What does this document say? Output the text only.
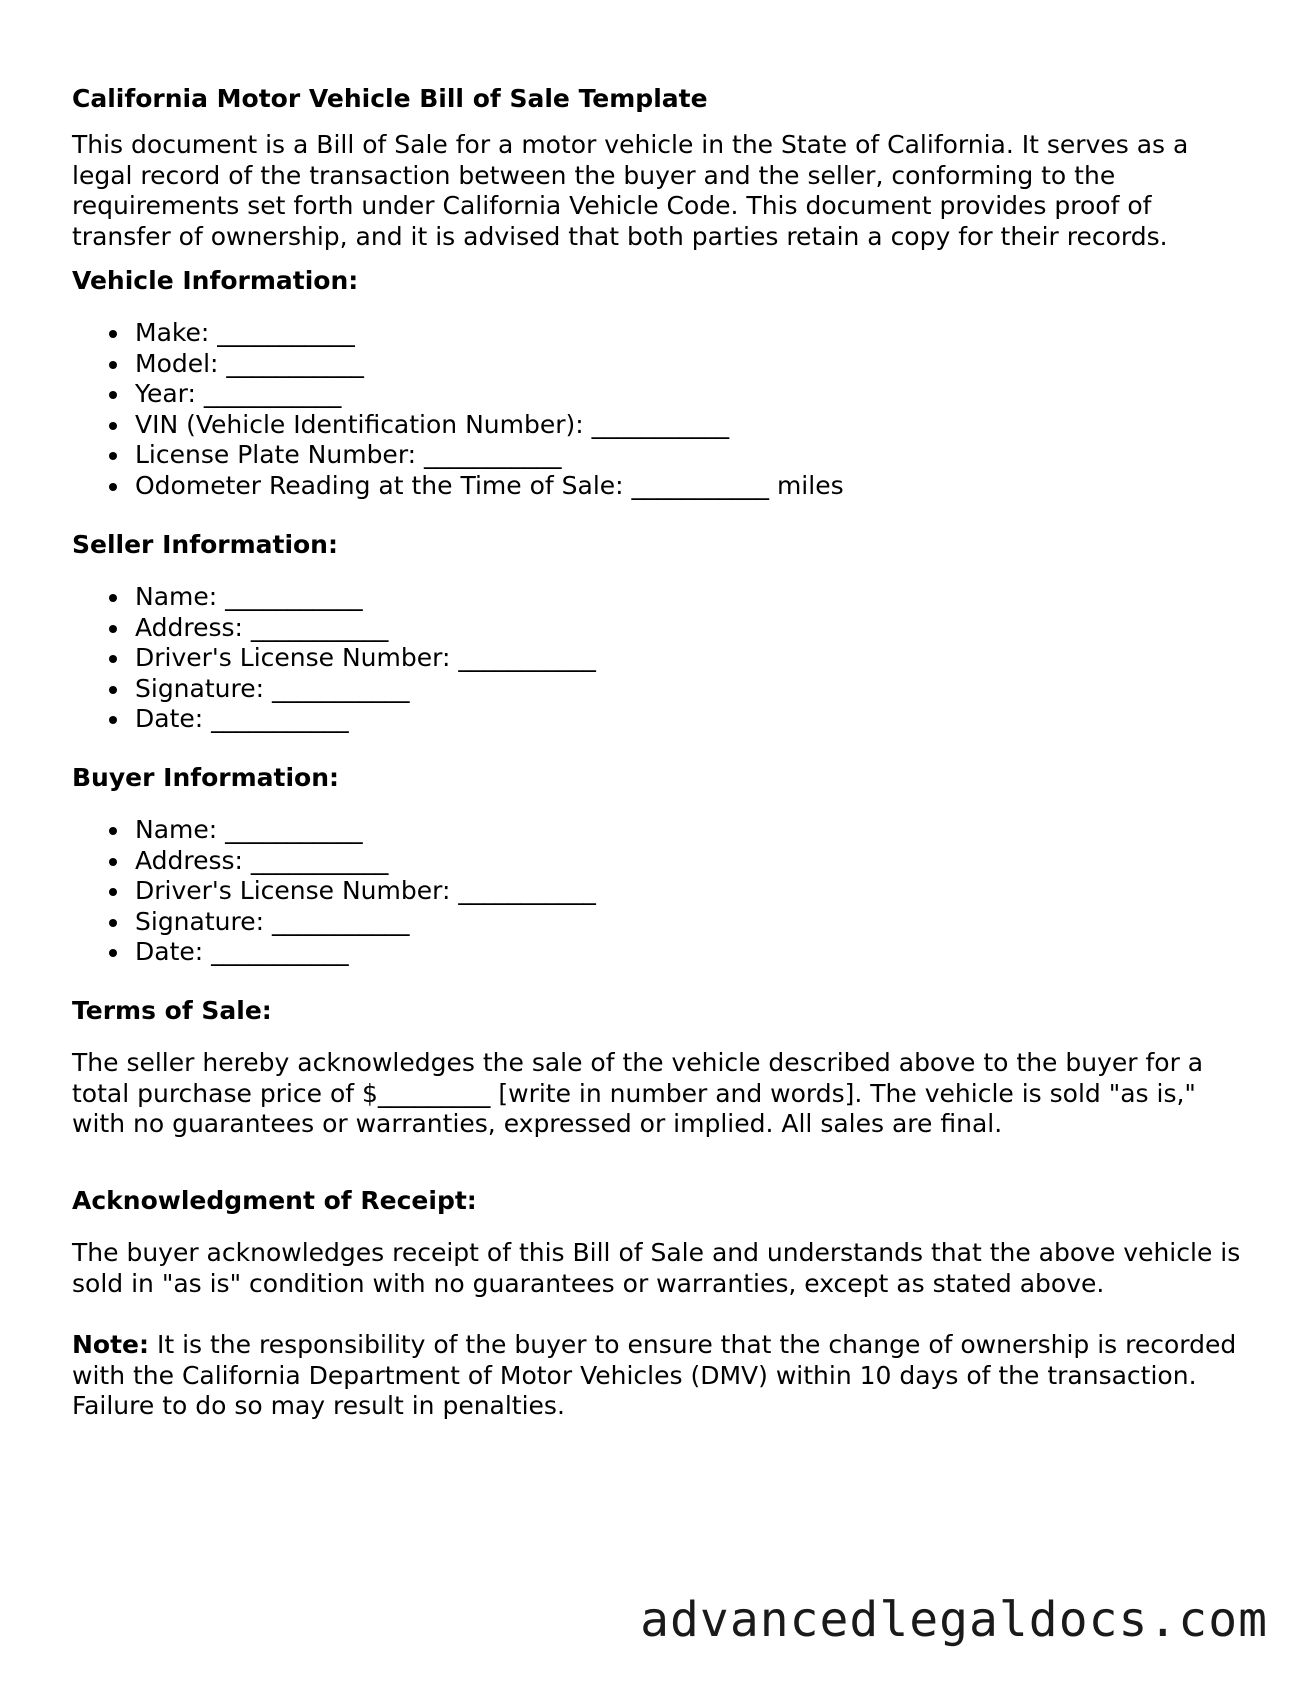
California Motor Vehicle Bill of Sale Template

This document is a Bill of Sale for a motor vehicle in the State of California. It serves as a legal record of the transaction between the buyer and the seller, conforming to the requirements set forth under California Vehicle Code. This document provides proof of transfer of ownership, and it is advised that both parties retain a copy for their records.

Vehicle Information:
Make: ___________
Model: ___________
Year: ___________
VIN (Vehicle Identification Number): ___________
License Plate Number: ___________
Odometer Reading at the Time of Sale: ___________ miles
Seller Information:
Name: ___________
Address: ___________
Driver's License Number: ___________
Signature: ___________
Date: ___________
Buyer Information:
Name: ___________
Address: ___________
Driver's License Number: ___________
Signature: ___________
Date: ___________
Terms of Sale:

The seller hereby acknowledges the sale of the vehicle described above to the buyer for a total purchase price of $_________ [write in number and words]. The vehicle is sold "as is," with no guarantees or warranties, expressed or implied. All sales are final.

Acknowledgment of Receipt:

The buyer acknowledges receipt of this Bill of Sale and understands that the above vehicle is sold in "as is" condition with no guarantees or warranties, except as stated above.

Note: It is the responsibility of the buyer to ensure that the change of ownership is recorded with the California Department of Motor Vehicles (DMV) within 10 days of the transaction. Failure to do so may result in penalties.

advancedlegaldocs.com
